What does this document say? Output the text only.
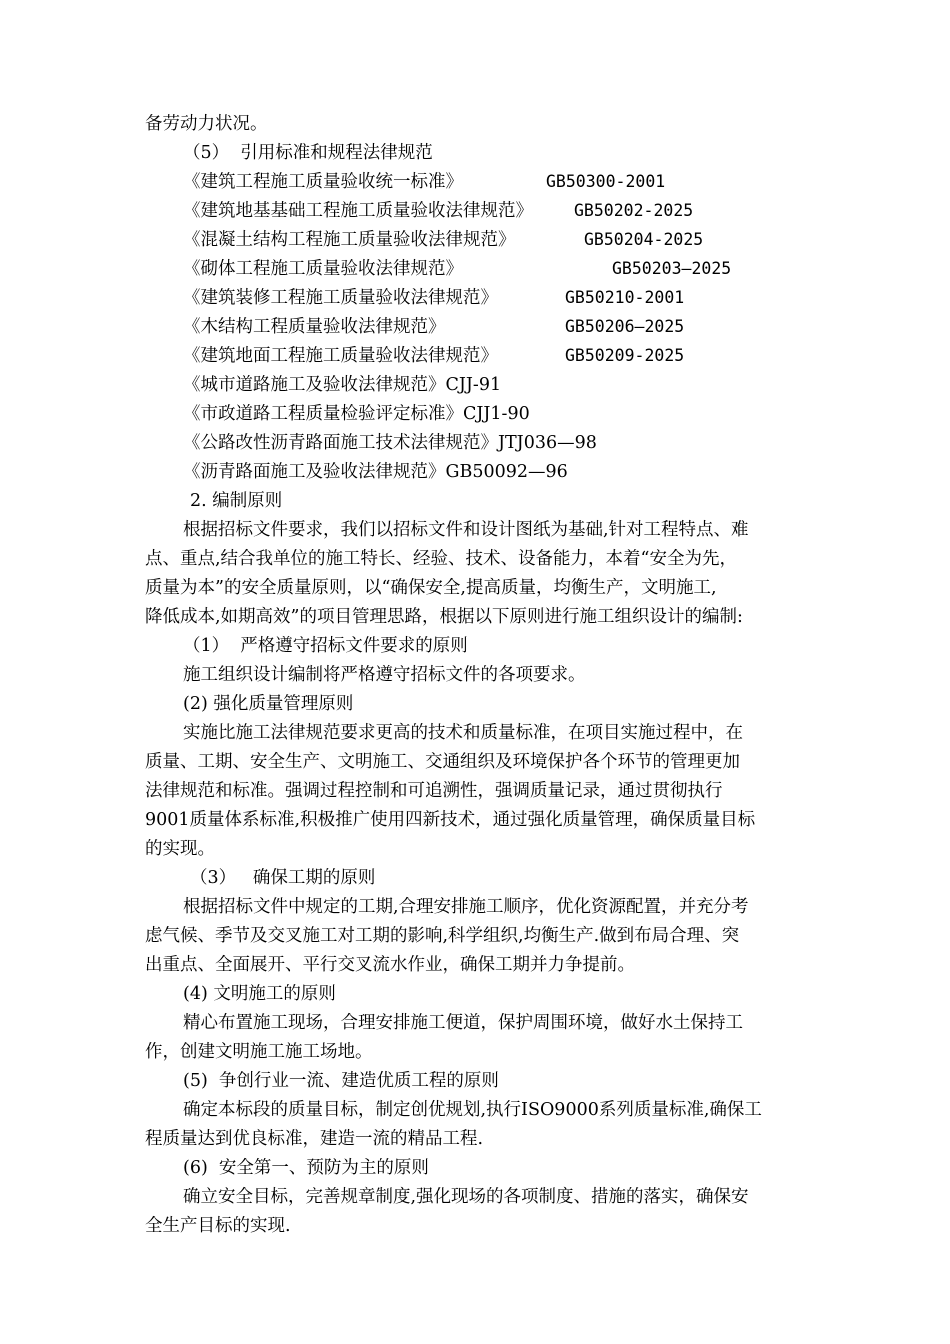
备劳动力状况。
（5）  引用标准和规程法律规范
《建筑工程施工质量验收统一标准》	GB50300-2001
《建筑地基基础工程施工质量验收法律规范》 GB50202-2025
《混凝土结构工程施工质量验收法律规范》	GB50204-2025
《砌体工程施工质量验收法律规范》	GB50203—2025
《建筑装修工程施工质量验收法律规范》	GB50210-2001
《木结构工程质量验收法律规范》	GB50206—2025
《建筑地面工程施工质量验收法律规范》	GB50209-2025
《城市道路施工及验收法律规范》CJJ-91
《市政道路工程质量检验评定标准》CJJ1-90
《公路改性沥青路面施工技术法律规范》JTJ036—98
《沥青路面施工及验收法律规范》GB50092—96
2. 编制原则
根据招标文件要求，我们以招标文件和设计图纸为基础,针对工程特点、难
点、重点,结合我单位的施工特长、经验、技术、设备能力，本着“安全为先，
质量为本”的安全质量原则，以“确保安全,提高质量，均衡生产，文明施工,
降低成本,如期高效”的项目管理思路，根据以下原则进行施工组织设计的编制:
（1）  严格遵守招标文件要求的原则
施工组织设计编制将严格遵守招标文件的各项要求。
(2) 强化质量管理原则
实施比施工法律规范要求更高的技术和质量标准，在项目实施过程中，在
质量、工期、安全生产、文明施工、交通组织及环境保护各个环节的管理更加
法律规范和标准。强调过程控制和可追溯性，强调质量记录，通过贯彻执行
9001质量体系标准,积极推广使用四新技术，通过强化质量管理，确保质量目标
的实现。
（3）   确保工期的原则
根据招标文件中规定的工期,合理安排施工顺序，优化资源配置，并充分考
虑气候、季节及交叉施工对工期的影响,科学组织,均衡生产.做到布局合理、突
出重点、全面展开、平行交叉流水作业，确保工期并力争提前。
(4) 文明施工的原则
精心布置施工现场，合理安排施工便道，保护周围环境，做好水土保持工
作，创建文明施工施工场地。
(5)  争创行业一流、建造优质工程的原则
确定本标段的质量目标，制定创优规划,执行ISO9000系列质量标准,确保工
程质量达到优良标准，建造一流的精品工程.
(6)  安全第一、预防为主的原则
确立安全目标，完善规章制度,强化现场的各项制度、措施的落实，确保安
全生产目标的实现.
